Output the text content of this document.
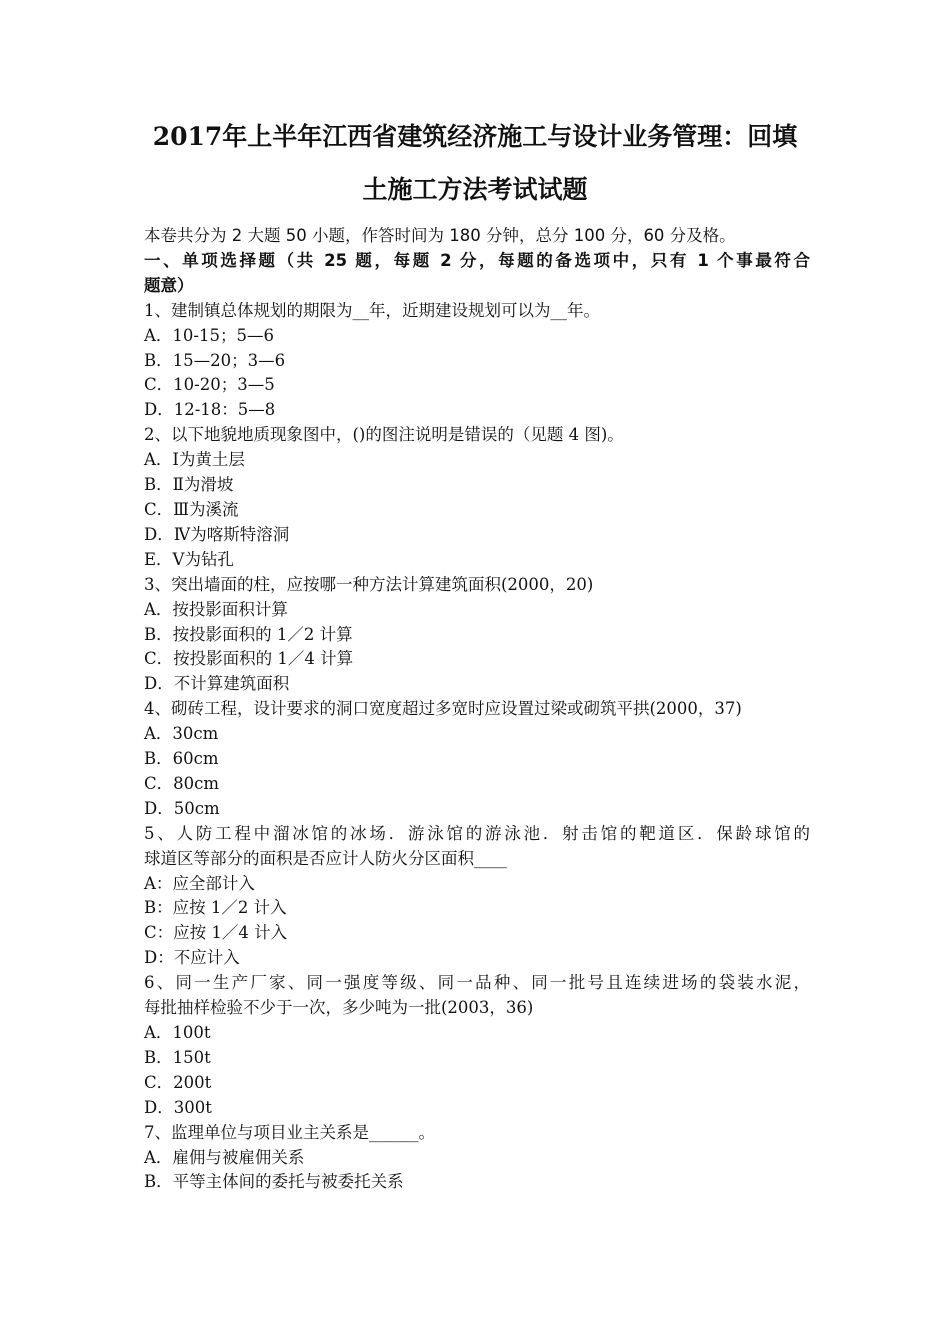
2017年上半年江西省建筑经济施工与设计业务管理：回填
土施工方法考试试题
本卷共分为 2 大题 50 小题，作答时间为 180 分钟，总分 100 分，60 分及格。
一、单项选择题（共 25 题，每题 2 分，每题的备选项中，只有 1 个事最符合
题意）
1、建制镇总体规划的期限为__年，近期建设规划可以为__年。
A．10-15；5—6
B．15—20；3—6
C．10-20；3—5
D．12-18：5—8
2、以下地貌地质现象图中，()的图注说明是错误的（见题 4 图)。
A．Ⅰ为黄土层
B．Ⅱ为滑坡
C．Ⅲ为溪流
D．Ⅳ为喀斯特溶洞
E．Ⅴ为钻孔
3、突出墙面的柱，应按哪一种方法计算建筑面积(2000，20)
A．按投影面积计算
B．按投影面积的 1／2 计算
C．按投影面积的 1／4 计算
D．不计算建筑面积
4、砌砖工程，设计要求的洞口宽度超过多宽时应设置过梁或砌筑平拱(2000，37)
A．30cm
B．60cm
C．80cm
D．50cm
5、人防工程中溜冰馆的冰场．游泳馆的游泳池．射击馆的靶道区．保龄球馆的
球道区等部分的面积是否应计人防火分区面积____
A：应全部计入
B：应按 1／2 计入
C：应按 1／4 计入
D：不应计入
6、同一生产厂家、同一强度等级、同一品种、同一批号且连续进场的袋装水泥，
每批抽样检验不少于一次，多少吨为一批(2003，36)
A．100t
B．150t
C．200t
D．300t
7、监理单位与项目业主关系是______。
A．雇佣与被雇佣关系
B．平等主体间的委托与被委托关系
